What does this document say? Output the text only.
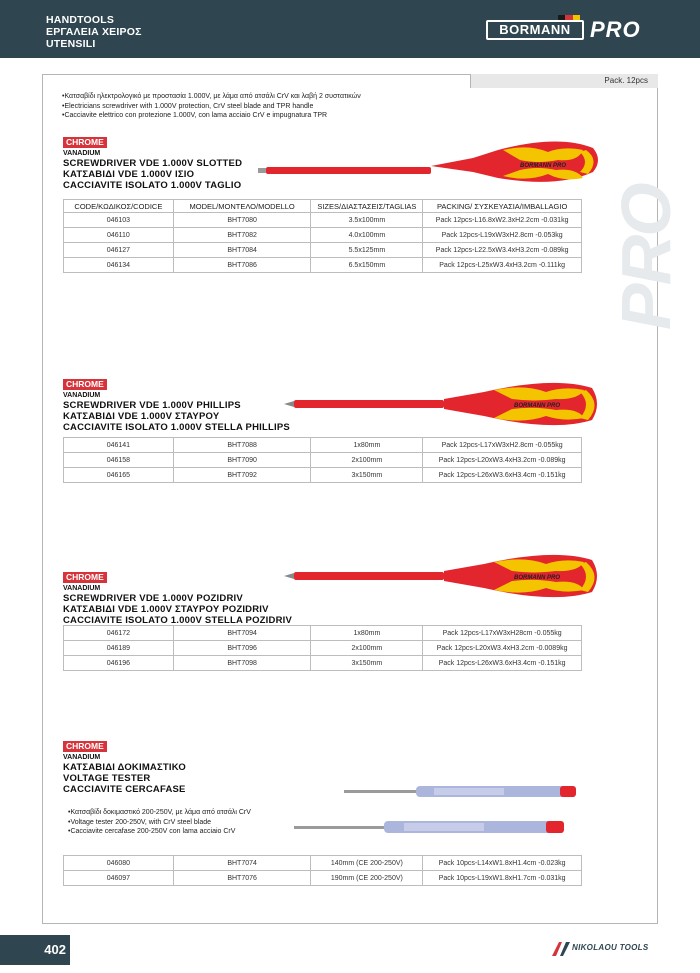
HANDTOOLS
ΕΡΓΑΛΕΙΑ ΧΕΙΡΟΣ
UTENSILI
BORMANN PRO
Pack. 12pcs
PRO
• Κατσαβίδι ηλεκτρολογικό με προστασία 1.000V, με λάμα από ατσάλι CrV και λαβή 2 συστατικών
• Electricians screwdriver with 1.000V protection, CrV steel blade and TPR handle
• Cacciavite elettrico con protezione 1.000V, con lama acciaio CrV e impugnatura TPR
CHROME
VANADIUM
SCREWDRIVER VDE 1.000V SLOTTED
ΚΑΤΣΑΒΙΔΙ VDE 1.000V ΙΣΙΟ
CACCIAVITE ISOLATO 1.000V TAGLIO
BORMANN PRO
CODE/ΚΩΔΙΚΟΣ/CODICE	MODEL/ΜΟΝΤΕΛΟ/MODELLO	SIZES/ΔΙΑΣΤΑΣΕΙΣ/TAGLIAS	PACKING/ ΣΥΣΚΕΥΑΣΙΑ/IMBALLAGIO
046103	BHT7080	3.5x100mm	Pack 12pcs-L16.8xW2.3xH2.2cm -0.031kg
046110	BHT7082	4.0x100mm	Pack 12pcs-L19xW3xH2.8cm -0.053kg
046127	BHT7084	5.5x125mm	Pack 12pcs-L22.5xW3.4xH3.2cm -0.089kg
046134	BHT7086	6.5x150mm	Pack 12pcs-L25xW3.4xH3.2cm -0.111kg
CHROME
VANADIUM
SCREWDRIVER VDE 1.000V PHILLIPS
ΚΑΤΣΑΒΙΔΙ VDE 1.000V ΣΤΑΥΡΟΥ
CACCIAVITE ISOLATO 1.000V STELLA PHILLIPS
BORMANN PRO
046141	BHT7088	1x80mm	Pack 12pcs-L17xW3xH2.8cm -0.055kg
046158	BHT7090	2x100mm	Pack 12pcs-L20xW3.4xH3.2cm -0.089kg
046165	BHT7092	3x150mm	Pack 12pcs-L26xW3.6xH3.4cm -0.151kg
CHROME
VANADIUM
SCREWDRIVER VDE 1.000V POZIDRIV
ΚΑΤΣΑΒΙΔΙ VDE 1.000V ΣΤΑΥΡΟΥ POZIDRIV
CACCIAVITE ISOLATO 1.000V STELLA POZIDRIV
BORMANN PRO
046172	BHT7094	1x80mm	Pack 12pcs-L17xW3xH28cm -0.055kg
046189	BHT7096	2x100mm	Pack 12pcs-L20xW3.4xH3.2cm -0.0089kg
046196	BHT7098	3x150mm	Pack 12pcs-L26xW3.6xH3.4cm -0.151kg
CHROME
VANADIUM
ΚΑΤΣΑΒΙΔΙ ΔΟΚΙΜΑΣΤΙΚΟ
VOLTAGE TESTER
CACCIAVITE CERCAFASE
• Κατσαβίδι δοκιμαστικό 200-250V, με λάμα από ατσάλι CrV
• Voltage tester 200-250V, with CrV steel blade
• Cacciavite cercafase 200-250V con lama acciaio CrV
046080	BHT7074	140mm (CE 200-250V)	Pack 10pcs-L14xW1.8xH1.4cm -0.023kg
046097	BHT7076	190mm (CE 200-250V)	Pack 10pcs-L19xW1.8xH1.7cm -0.031kg
402	NIKOLAOU TOOLS
